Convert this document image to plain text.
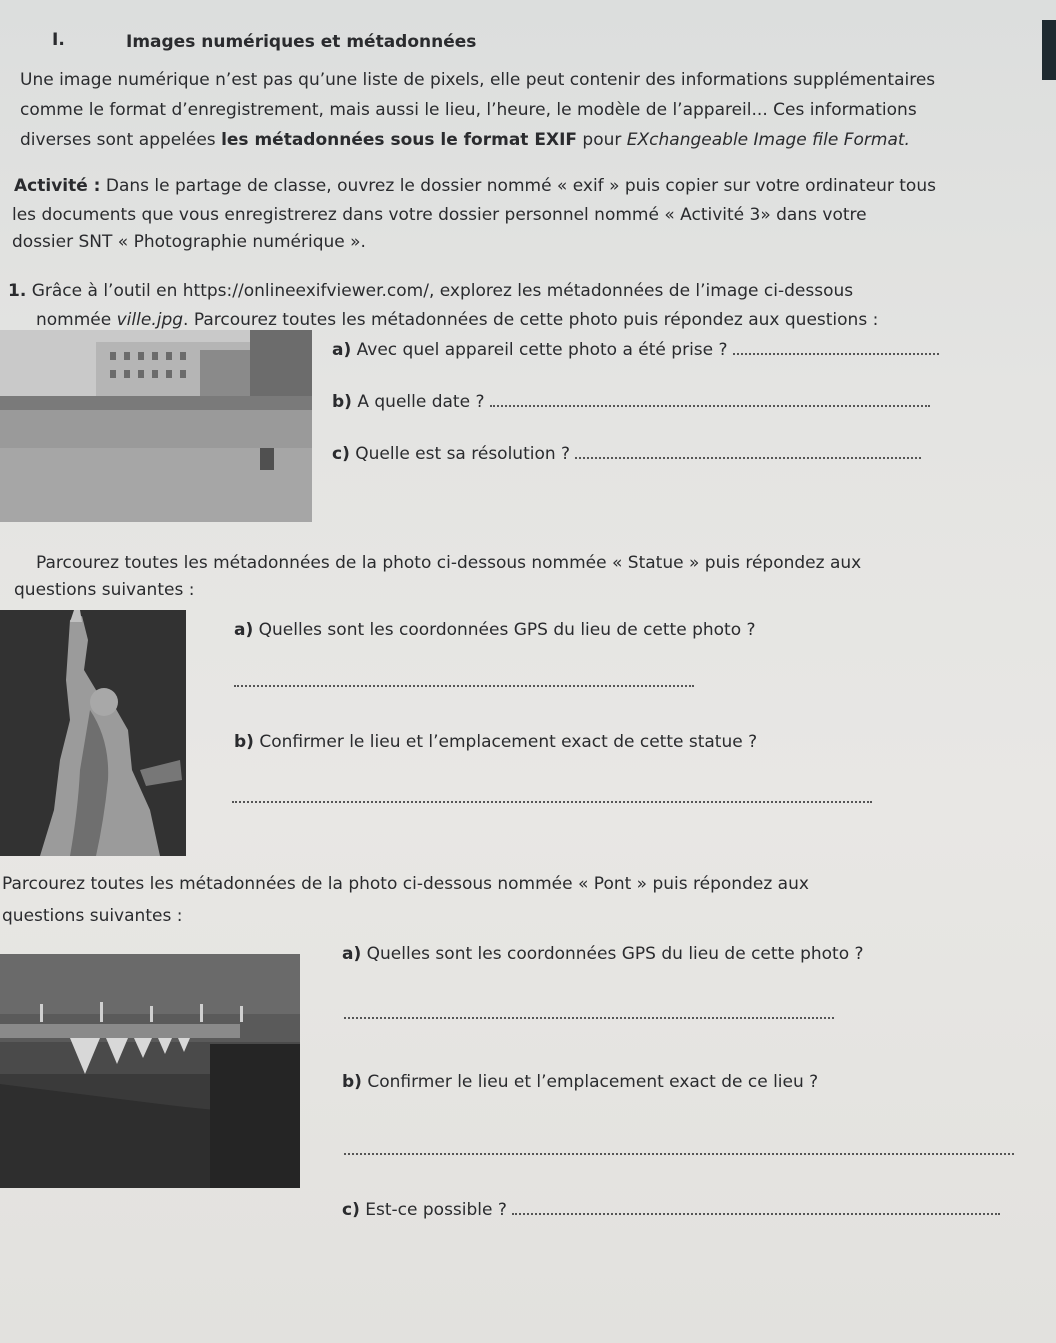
I.	Images numériques et métadonnées
Une image numérique n’est pas qu’une liste de pixels, elle peut contenir des informations supplémentaires
comme le format d’enregistrement, mais aussi le lieu, l’heure, le modèle de l’appareil... Ces informations
diverses sont appelées les métadonnées sous le format EXIF pour EXchangeable Image file Format.
Activité : Dans le partage de classe, ouvrez le dossier nommé « exif » puis copier sur votre ordinateur tous
les documents que vous enregistrerez dans votre dossier personnel nommé « Activité 3» dans votre
dossier SNT « Photographie numérique ».
1. Grâce à l’outil en https://onlineexifviewer.com/, explorez les métadonnées de l’image ci-dessous
nommée ville.jpg. Parcourez toutes les métadonnées de cette photo puis répondez aux questions :
a) Avec quel appareil cette photo a été prise ?
b) A quelle date ?
c) Quelle est sa résolution ?
Parcourez toutes les métadonnées de la photo ci-dessous nommée « Statue » puis répondez aux
questions suivantes :
a) Quelles sont les coordonnées GPS du lieu de cette photo ?
b) Confirmer le lieu et l’emplacement exact de cette statue ?
Parcourez toutes les métadonnées de la photo ci-dessous nommée « Pont » puis répondez aux
questions suivantes :
a) Quelles sont les coordonnées GPS du lieu de cette photo ?
b) Confirmer le lieu et l’emplacement exact de ce lieu ?
c) Est-ce possible ?
